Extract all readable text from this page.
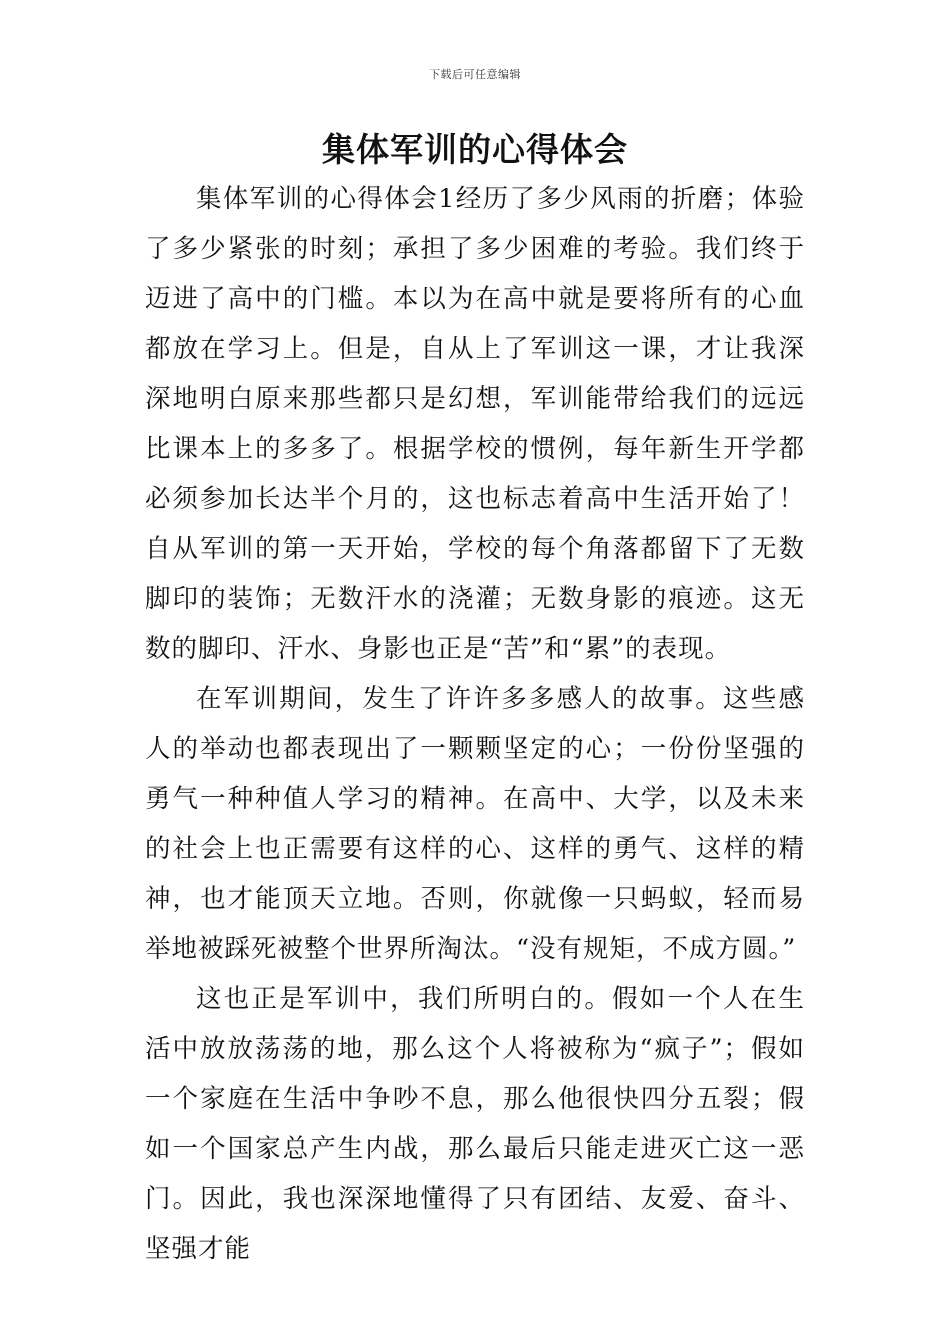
下载后可任意编辑
集体军训的心得体会

集体军训的心得体会1经历了多少风雨的折磨；体验了多少紧张的时刻；承担了多少困难的考验。我们终于迈进了高中的门槛。本以为在高中就是要将所有的心血都放在学习上。但是，自从上了军训这一课，才让我深深地明白原来那些都只是幻想，军训能带给我们的远远比课本上的多多了。根据学校的惯例，每年新生开学都必须参加长达半个月的，这也标志着高中生活开始了！自从军训的第一天开始，学校的每个角落都留下了无数脚印的装饰；无数汗水的浇灌；无数身影的痕迹。这无数的脚印、汗水、身影也正是“苦”和“累”的表现。

在军训期间，发生了许许多多感人的故事。这些感人的举动也都表现出了一颗颗坚定的心；一份份坚强的勇气一种种值人学习的精神。在高中、大学，以及未来的社会上也正需要有这样的心、这样的勇气、这样的精神，也才能顶天立地。否则，你就像一只蚂蚁，轻而易举地被踩死被整个世界所淘汰。“没有规矩，不成方圆。”

这也正是军训中，我们所明白的。假如一个人在生活中放放荡荡的地，那么这个人将被称为“疯子”；假如一个家庭在生活中争吵不息，那么他很快四分五裂；假如一个国家总产生内战，那么最后只能走进灭亡这一恶门。因此，我也深深地懂得了只有团结、友爱、奋斗、坚强才能
